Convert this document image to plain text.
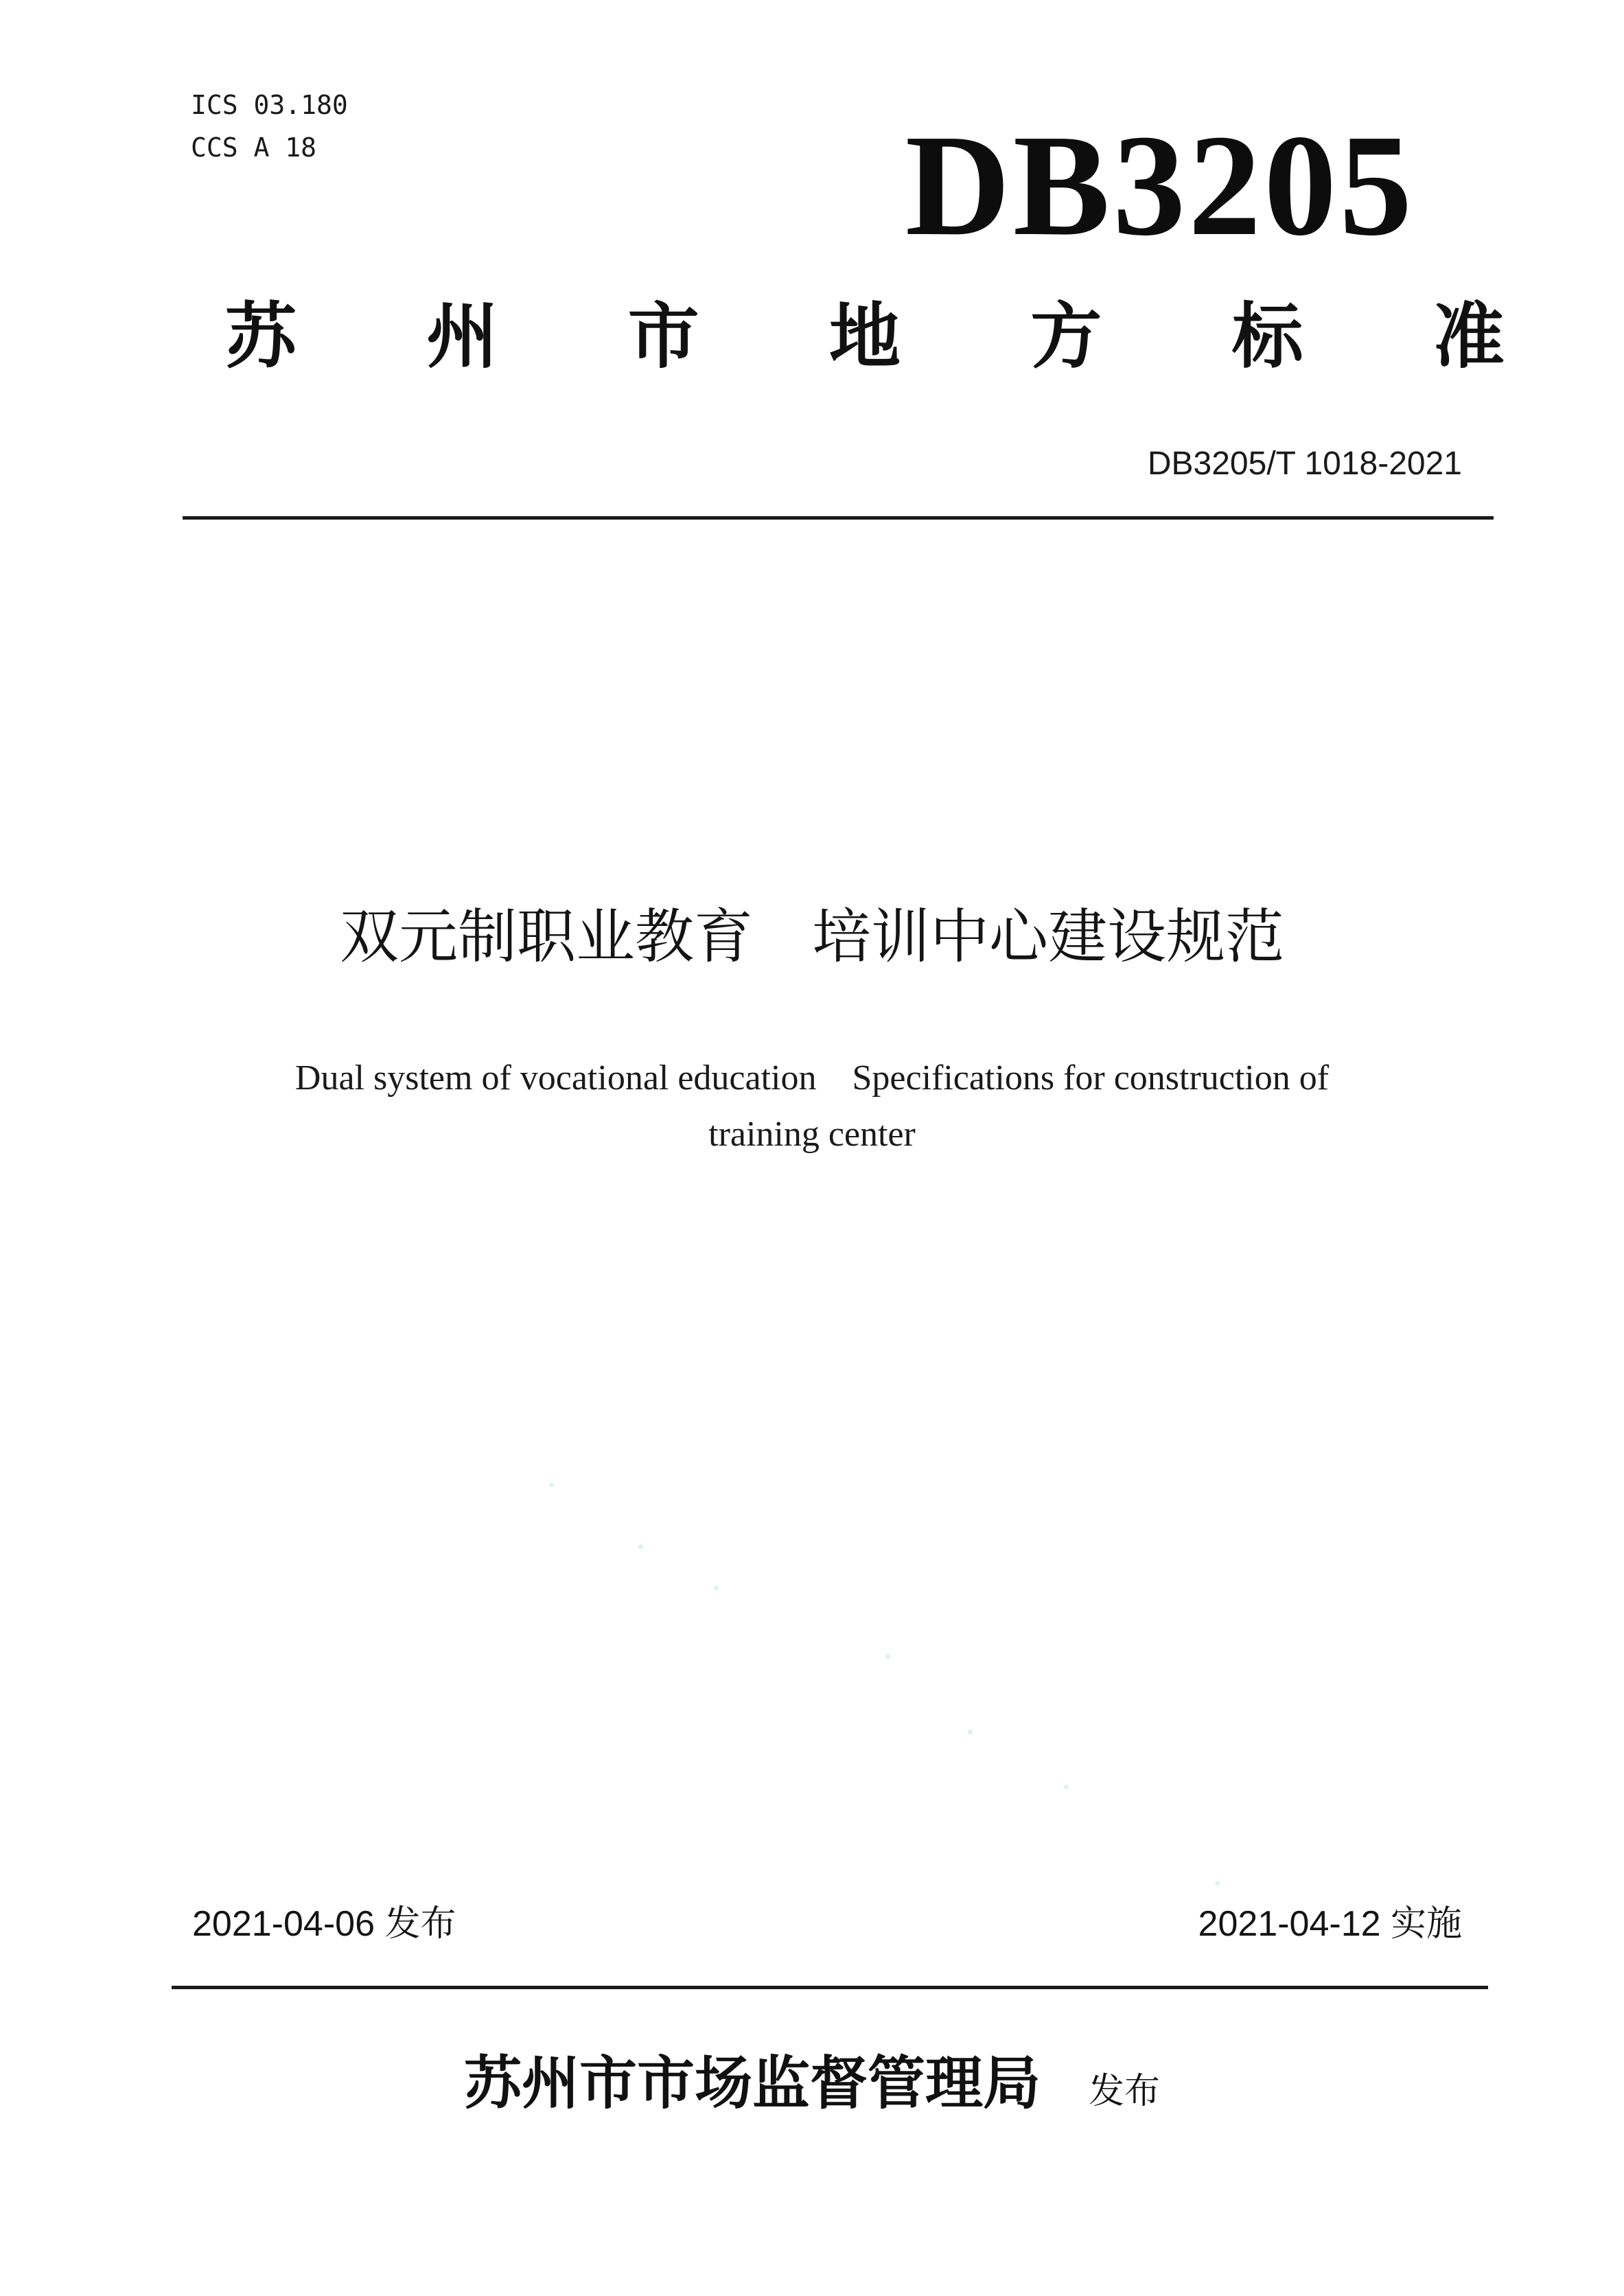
ICS 03.180
CCS A 18	DB3205
苏 州 市 地 方 标 准
DB3205/T 1018-2021
双元制职业教育　培训中心建设规范
Dual system of vocational education    Specifications for construction of
training center
2021-04-06 发布	2021-04-12 实施
苏州市市场监督管理局 发布
